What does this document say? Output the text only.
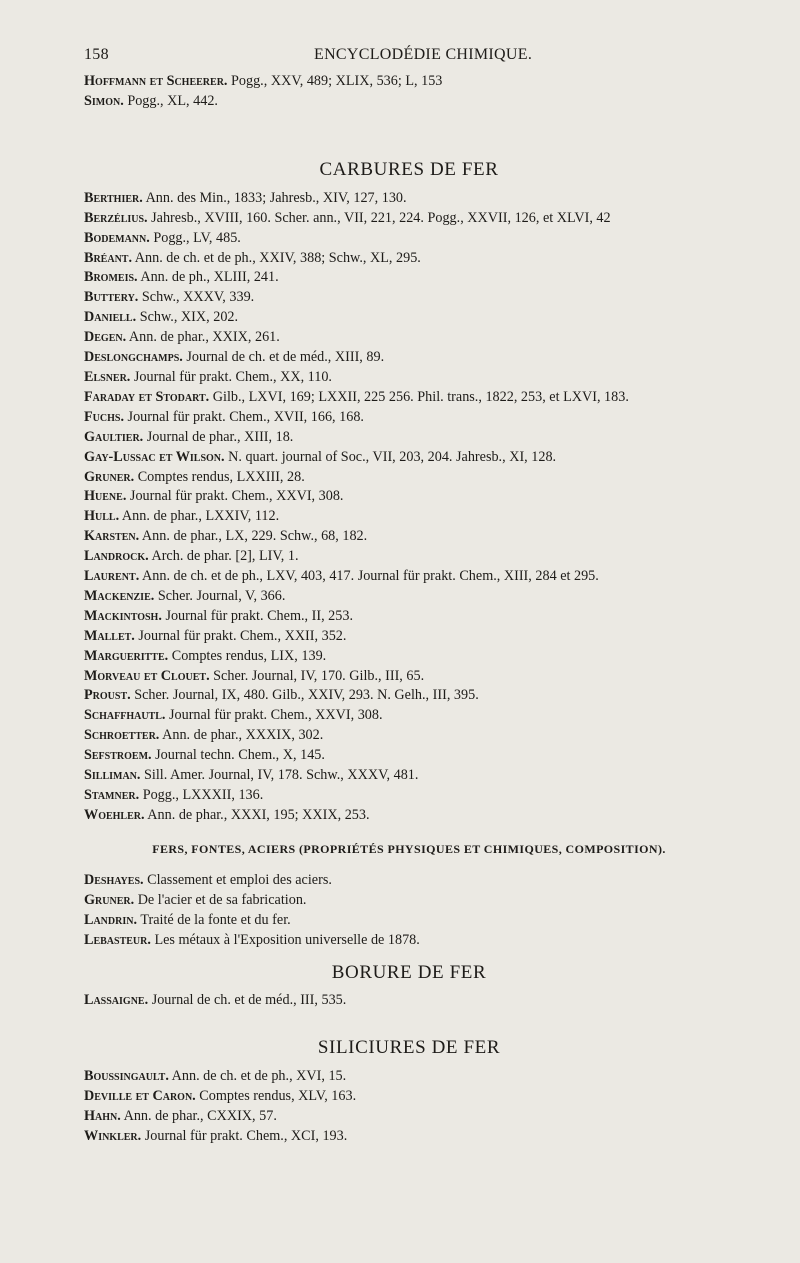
158	ENCYCLODÉDIE CHIMIQUE.
Hoffmann et Scheerer. Pogg., XXV, 489; XLIX, 536; L, 153
Simon. Pogg., XL, 442.
CARBURES DE FER
Berthier. Ann. des Min., 1833; Jahresb., XIV, 127, 130.
Berzélius. Jahresb., XVIII, 160. Scher. ann., VII, 221, 224. Pogg., XXVII, 126, et XLVI, 42
Bodemann. Pogg., LV, 485.
Bréant. Ann. de ch. et de ph., XXIV, 388; Schw., XL, 295.
Bromeis. Ann. de ph., XLIII, 241.
Buttery. Schw., XXXV, 339.
Daniell. Schw., XIX, 202.
Degen. Ann. de phar., XXIX, 261.
Deslongchamps. Journal de ch. et de méd., XIII, 89.
Elsner. Journal für prakt. Chem., XX, 110.
Faraday et Stodart. Gilb., LXVI, 169; LXXII, 225 256. Phil. trans., 1822, 253, et LXVI, 183.
Fuchs. Journal für prakt. Chem., XVII, 166, 168.
Gaultier. Journal de phar., XIII, 18.
Gay-Lussac et Wilson. N. quart. journal of Soc., VII, 203, 204. Jahresb., XI, 128.
Gruner. Comptes rendus, LXXIII, 28.
Huene. Journal für prakt. Chem., XXVI, 308.
Hull. Ann. de phar., LXXIV, 112.
Karsten. Ann. de phar., LX, 229. Schw., 68, 182.
Landrock. Arch. de phar. [2], LIV, 1.
Laurent. Ann. de ch. et de ph., LXV, 403, 417. Journal für prakt. Chem., XIII, 284 et 295.
Mackenzie. Scher. Journal, V, 366.
Mackintosh. Journal für prakt. Chem., II, 253.
Mallet. Journal für prakt. Chem., XXII, 352.
Margueritte. Comptes rendus, LIX, 139.
Morveau et Clouet. Scher. Journal, IV, 170. Gilb., III, 65.
Proust. Scher. Journal, IX, 480. Gilb., XXIV, 293. N. Gelh., III, 395.
Schaffhautl. Journal für prakt. Chem., XXVI, 308.
Schroetter. Ann. de phar., XXXIX, 302.
Sefstroem. Journal techn. Chem., X, 145.
Silliman. Sill. Amer. Journal, IV, 178. Schw., XXXV, 481.
Stamner. Pogg., LXXXII, 136.
Woehler. Ann. de phar., XXXI, 195; XXIX, 253.
FERS, FONTES, ACIERS (PROPRIÉTÉS PHYSIQUES ET CHIMIQUES, COMPOSITION).
Deshayes. Classement et emploi des aciers.
Gruner. De l'acier et de sa fabrication.
Landrin. Traité de la fonte et du fer.
Lebasteur. Les métaux à l'Exposition universelle de 1878.
BORURE DE FER
Lassaigne. Journal de ch. et de méd., III, 535.
SILICIURES DE FER
Boussingault. Ann. de ch. et de ph., XVI, 15.
Deville et Caron. Comptes rendus, XLV, 163.
Hahn. Ann. de phar., CXXIX, 57.
Winkler. Journal für prakt. Chem., XCI, 193.
